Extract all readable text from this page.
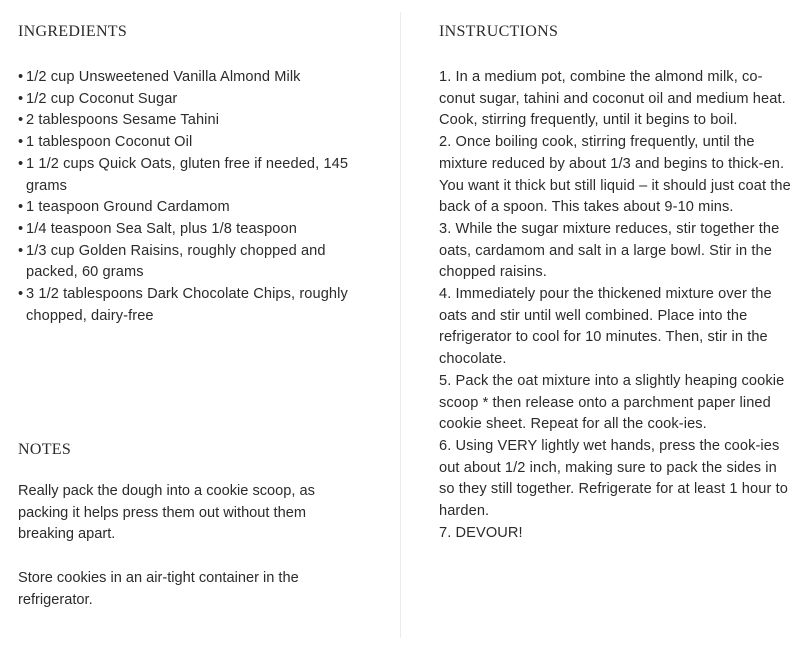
INGREDIENTS
• 1/2 cup Unsweetened Vanilla Almond Milk
• 1/2 cup Coconut Sugar
• 2 tablespoons Sesame Tahini
• 1 tablespoon Coconut Oil
• 1 1/2 cups Quick Oats, gluten free if needed, 145 grams
• 1 teaspoon Ground Cardamom
• 1/4 teaspoon Sea Salt, plus 1/8 teaspoon
• 1/3 cup Golden Raisins, roughly chopped and packed, 60 grams
• 3 1/2 tablespoons Dark Chocolate Chips, roughly chopped, dairy-free
NOTES

Really pack the dough into a cookie scoop, as packing it helps press them out without them breaking apart.

Store cookies in an air-tight container in the refrigerator.

INSTRUCTIONS

1. In a medium pot, combine the almond milk, co-conut sugar, tahini and coconut oil and medium heat. Cook, stirring frequently, until it begins to boil.

2. Once boiling cook, stirring frequently, until the mixture reduced by about 1/3 and begins to thick-en. You want it thick but still liquid – it should just coat the back of a spoon. This takes about 9-10 mins.

3. While the sugar mixture reduces, stir together the oats, cardamom and salt in a large bowl. Stir in the chopped raisins.

4. Immediately pour the thickened mixture over the oats and stir until well combined. Place into the refrigerator to cool for 10 minutes. Then, stir in the chocolate.

5. Pack the oat mixture into a slightly heaping cookie scoop * then release onto a parchment paper lined cookie sheet. Repeat for all the cook-ies.

6. Using VERY lightly wet hands, press the cook-ies out about 1/2 inch, making sure to pack the sides in so they still together. Refrigerate for at least 1 hour to harden.

7. DEVOUR!
